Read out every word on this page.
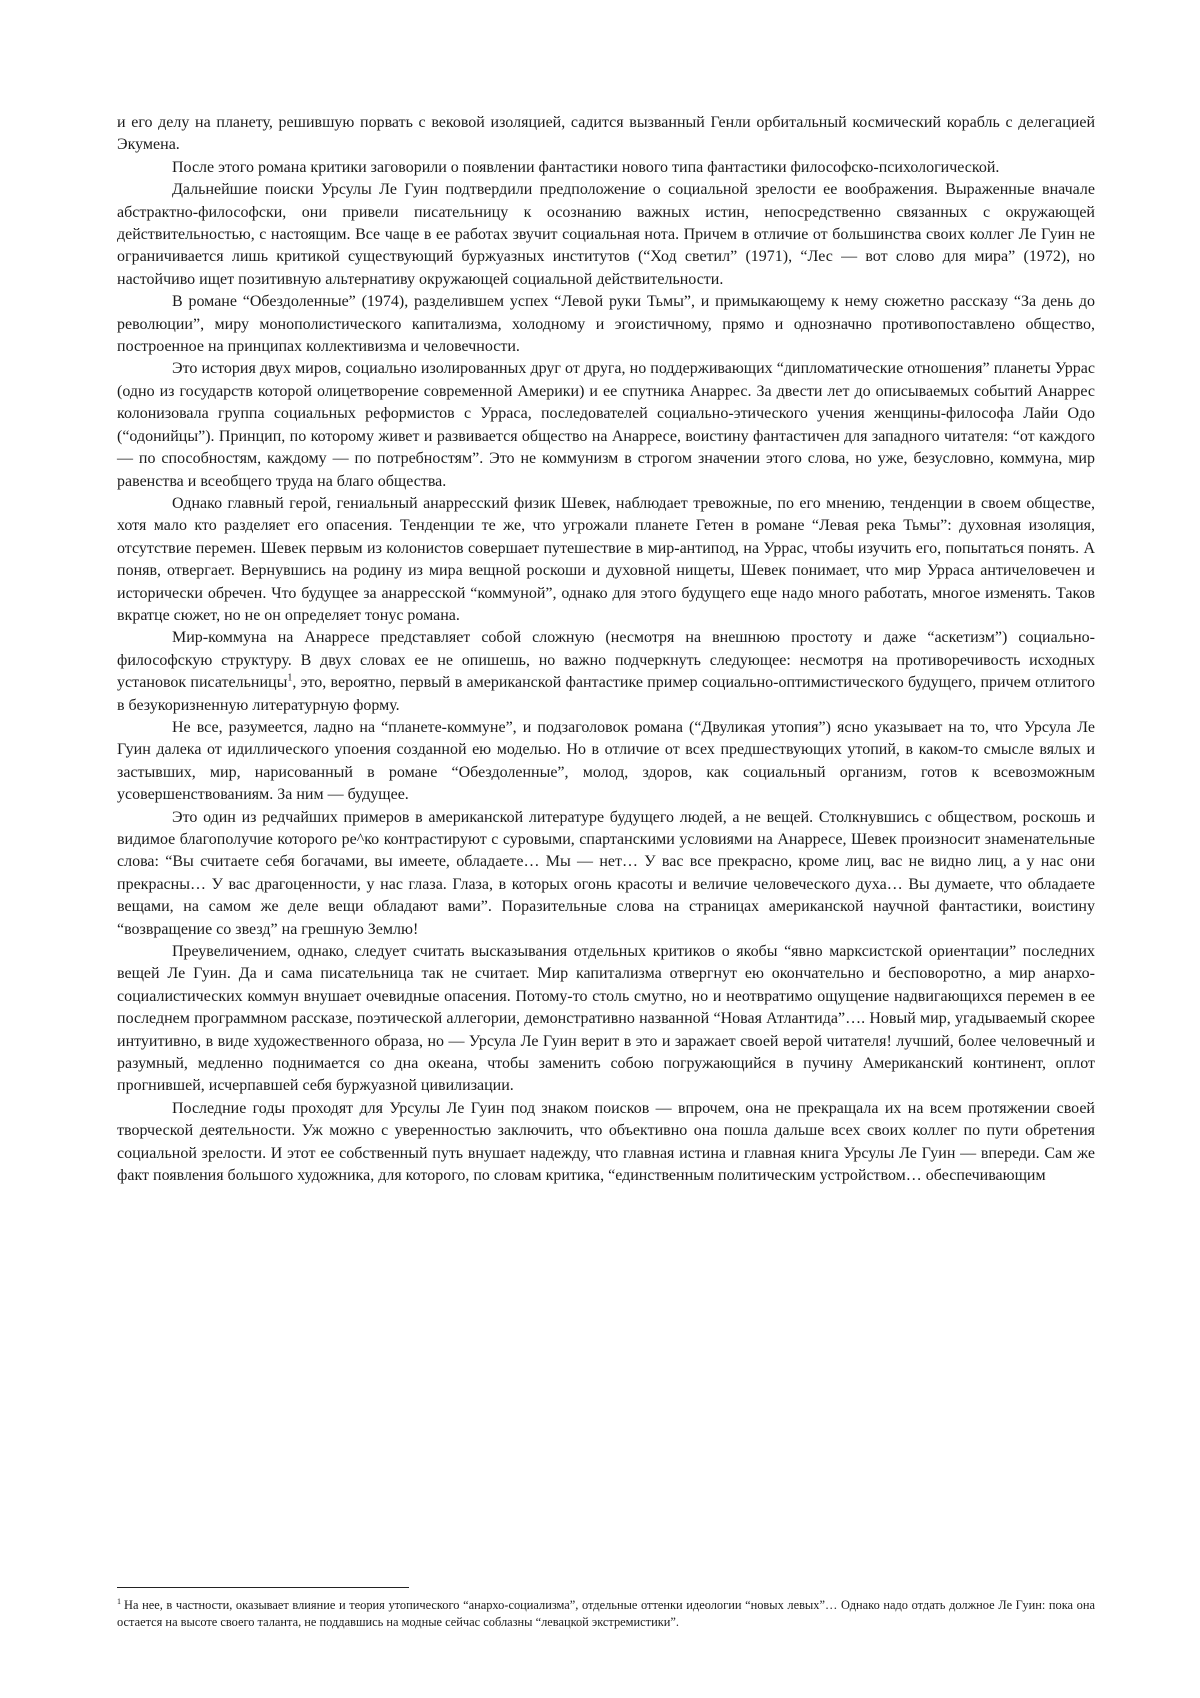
и его делу на планету, решившую порвать с вековой изоляцией, садится вызванный Генли орбитальный космический корабль с делегацией Экумена.

После этого романа критики заговорили о появлении фантастики нового типа фантастики философско-психологической.

Дальнейшие поиски Урсулы Ле Гуин подтвердили предположение о социальной зрелости ее воображения. Выраженные вначале абстрактно-философски, они привели писательницу к осознанию важных истин, непосредственно связанных с окружающей действительностью, с настоящим. Все чаще в ее работах звучит социальная нота. Причем в отличие от большинства своих коллег Ле Гуин не ограничивается лишь критикой существующий буржуазных институтов (“Ход светил” (1971), “Лес — вот слово для мира” (1972), но настойчиво ищет позитивную альтернативу окружающей социальной действительности.

В романе “Обездоленные” (1974), разделившем успех “Левой руки Тьмы”, и примыкающему к нему сюжетно рассказу “За день до революции”, миру монополистического капитализма, холодному и эгоистичному, прямо и однозначно противопоставлено общество, построенное на принципах коллективизма и человечности.

Это история двух миров, социально изолированных друг от друга, но поддерживающих “дипломатические отношения” планеты Уррас (одно из государств которой олицетворение современной Америки) и ее спутника Анаррес. За двести лет до описываемых событий Анаррес колонизовала группа социальных реформистов с Урраса, последователей социально-этического учения женщины-философа Лайи Одо (“одонийцы”). Принцип, по которому живет и развивается общество на Анарресе, воистину фантастичен для западного читателя: “от каждого — по способностям, каждому — по потребностям”. Это не коммунизм в строгом значении этого слова, но уже, безусловно, коммуна, мир равенства и всеобщего труда на благо общества.

Однако главный герой, гениальный анарресский физик Шевек, наблюдает тревожные, по его мнению, тенденции в своем обществе, хотя мало кто разделяет его опасения. Тенденции те же, что угрожали планете Гетен в романе “Левая река Тьмы”: духовная изоляция, отсутствие перемен. Шевек первым из колонистов совершает путешествие в мир-антипод, на Уррас, чтобы изучить его, попытаться понять. А поняв, отвергает. Вернувшись на родину из мира вещной роскоши и духовной нищеты, Шевек понимает, что мир Урраса античеловечен и исторически обречен. Что будущее за анарресской “коммуной”, однако для этого будущего еще надо много работать, многое изменять. Таков вкратце сюжет, но не он определяет тонус романа.

Мир-коммуна на Анарресе представляет собой сложную (несмотря на внешнюю простоту и даже “аскетизм”) социально-философскую структуру. В двух словах ее не опишешь, но важно подчеркнуть следующее: несмотря на противоречивость исходных установок писательницы$^1$, это, вероятно, первый в американской фантастике пример социально-оптимистического будущего, причем отлитого в безукоризненную литературную форму.

Не все, разумеется, ладно на “планете-коммуне”, и подзаголовок романа (“Двуликая утопия”) ясно указывает на то, что Урсула Ле Гуин далека от идиллического упоения созданной ею моделью. Но в отличие от всех предшествующих утопий, в каком-то смысле вялых и застывших, мир, нарисованный в романе “Обездоленные”, молод, здоров, как социальный организм, готов к всевозможным усовершенствованиям. За ним — будущее.

Это один из редчайших примеров в американской литературе будущего людей, а не вещей. Столкнувшись с обществом, роскошь и видимое благополучие которого ре^ко контрастируют с суровыми, спартанскими условиями на Анарресе, Шевек произносит знаменательные слова: “Вы считаете себя богачами, вы имеете, обладаете… Мы — нет… У вас все прекрасно, кроме лиц, вас не видно лиц, а у нас они прекрасны… У вас драгоценности, у нас глаза. Глаза, в которых огонь красоты и величие человеческого духа… Вы думаете, что обладаете вещами, на самом же деле вещи обладают вами”. Поразительные слова на страницах американской научной фантастики, воистину “возвращение со звезд” на грешную Землю!

Преувеличением, однако, следует считать высказывания отдельных критиков о якобы “явно марксистской ориентации” последних вещей Ле Гуин. Да и сама писательница так не считает. Мир капитализма отвергнут ею окончательно и бесповоротно, а мир анархо-социалистических коммун внушает очевидные опасения. Потому-то столь смутно, но и неотвратимо ощущение надвигающихся перемен в ее последнем программном рассказе, поэтической аллегории, демонстративно названной “Новая Атлантида”…. Новый мир, угадываемый скорее интуитивно, в виде художественного образа, но — Урсула Ле Гуин верит в это и заражает своей верой читателя! лучший, более человечный и разумный, медленно поднимается со дна океана, чтобы заменить собою погружающийся в пучину Американский континент, оплот прогнившей, исчерпавшей себя буржуазной цивилизации.

Последние годы проходят для Урсулы Ле Гуин под знаком поисков — впрочем, она не прекращала их на всем протяжении своей творческой деятельности. Уж можно с уверенностью заключить, что объективно она пошла дальше всех своих коллег по пути обретения социальной зрелости. И этот ее собственный путь внушает надежду, что главная истина и главная книга Урсулы Ле Гуин — впереди. Сам же факт появления большого художника, для которого, по словам критика, “единственным политическим устройством… обеспечивающим

$^1$ На нее, в частности, оказывает влияние и теория утопического “анархо-социализма”, отдельные оттенки идеологии “новых левых”… Однако надо отдать должное Ле Гуин: пока она остается на высоте своего таланта, не поддавшись на модные сейчас соблазны “левацкой экстремистики”.
